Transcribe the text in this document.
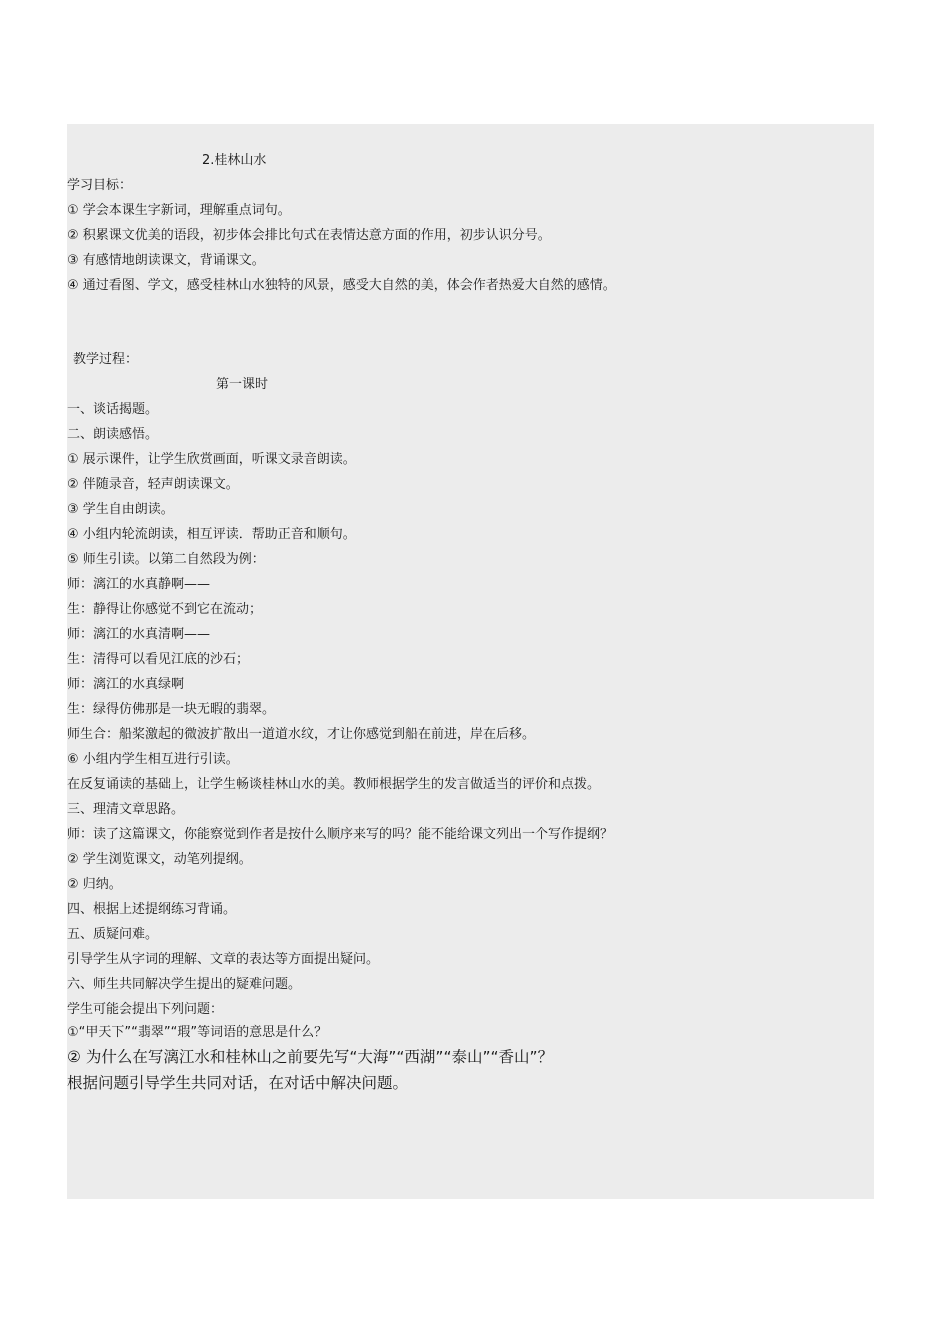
2.桂林山水
学习目标：
① 学会本课生字新词，理解重点词句。
② 积累课文优美的语段，初步体会排比句式在表情达意方面的作用，初步认识分号。
③ 有感情地朗读课文，背诵课文。
④ 通过看图、学文，感受桂林山水独特的风景，感受大自然的美，体会作者热爱大自然的感情。
教学过程：
第一课时
一、谈话揭题。
二、朗读感悟。
① 展示课件，让学生欣赏画面，听课文录音朗读。
② 伴随录音，轻声朗读课文。
③ 学生自由朗读。
④ 小组内轮流朗读，相互评读．帮助正音和顺句。
⑤ 师生引读。以第二自然段为例：
师：漓江的水真静啊——
生：静得让你感觉不到它在流动；
师：漓江的水真清啊——
生：清得可以看见江底的沙石；
师：漓江的水真绿啊
生：绿得仿佛那是一块无暇的翡翠。
师生合：船桨激起的微波扩散出一道道水纹，才让你感觉到船在前进，岸在后移。
⑥ 小组内学生相互进行引读。
在反复诵读的基础上，让学生畅谈桂林山水的美。教师根据学生的发言做适当的评价和点拨。
三、理清文章思路。
师：读了这篇课文，你能察觉到作者是按什么顺序来写的吗？能不能给课文列出一个写作提纲？
② 学生浏览课文，动笔列提纲。
② 归纳。
四、根据上述提纲练习背诵。
五、质疑问难。
引导学生从字词的理解、文章的表达等方面提出疑问。
六、师生共同解决学生提出的疑难问题。
学生可能会提出下列问题：
①“甲天下”“翡翠”“瑕”等词语的意思是什么？
② 为什么在写漓江水和桂林山之前要先写“大海”“西湖”“泰山”“香山”？
根据问题引导学生共同对话，在对话中解决问题。
